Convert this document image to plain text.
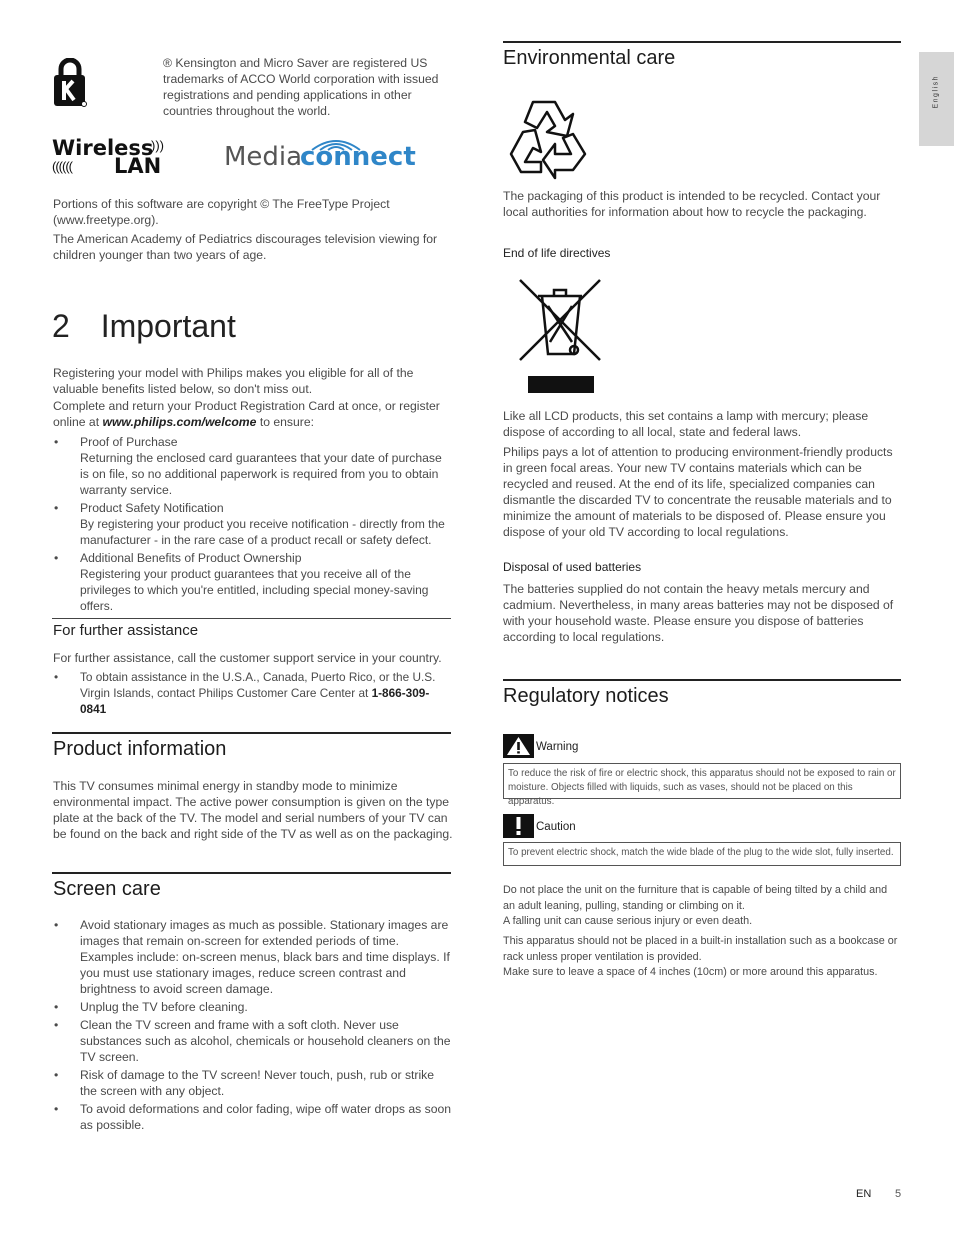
English
® Kensington and Micro Saver are registered US trademarks of ACCO World corporation with issued registrations and pending applications in other countries throughout the world.
Wireless
)))
(((((( LAN Media
connect
Portions of this software are copyright © The FreeType Project (www.freetype.org).
The American Academy of Pediatrics discourages television viewing for children younger than two years of age.
2 Important
Registering your model with Philips makes you eligible for all of the valuable benefits listed below, so don't miss out.
Complete and return your Product Registration Card at once, or register online at www.philips.com/welcome to ensure:
• Proof of Purchase
Returning the enclosed card guarantees that your date of purchase is on file, so no additional paperwork is required from you to obtain warranty service.
• Product Safety Notification
By registering your product you receive notification - directly from the manufacturer - in the rare case of a product recall or safety defect.
• Additional Benefits of Product Ownership
Registering your product guarantees that you receive all of the privileges to which you're entitled, including special money-saving offers.
For further assistance
For further assistance, call the customer support service in your country.
• To obtain assistance in the U.S.A., Canada, Puerto Rico, or the U.S. Virgin Islands, contact Philips Customer Care Center at 1-866-309-0841
Product information
This TV consumes minimal energy in standby mode to minimize environmental impact. The active power consumption is given on the type plate at the back of the TV. The model and serial numbers of your TV can be found on the back and right side of the TV as well as on the packaging.
Screen care
• Avoid stationary images as much as possible. Stationary images are images that remain on-screen for extended periods of time. Examples include: on-screen menus, black bars and time displays. If you must use stationary images, reduce screen contrast and brightness to avoid screen damage.
• Unplug the TV before cleaning.
• Clean the TV screen and frame with a soft cloth. Never use substances such as alcohol, chemicals or household cleaners on the TV screen.
• Risk of damage to the TV screen! Never touch, push, rub or strike the screen with any object.
• To avoid deformations and color fading, wipe off water drops as soon as possible.
Environmental care
The packaging of this product is intended to be recycled. Contact your local authorities for information about how to recycle the packaging.
End of life directives
Like all LCD products, this set contains a lamp with mercury; please dispose of according to all local, state and federal laws.
Philips pays a lot of attention to producing environment-friendly products in green focal areas. Your new TV contains materials which can be recycled and reused. At the end of its life, specialized companies can dismantle the discarded TV to concentrate the reusable materials and to minimize the amount of materials to be disposed of. Please ensure you dispose of your old TV according to local regulations.
Disposal of used batteries
The batteries supplied do not contain the heavy metals mercury and cadmium. Nevertheless, in many areas batteries may not be disposed of with your household waste. Please ensure you dispose of batteries according to local regulations.
Regulatory notices
Warning
To reduce the risk of fire or electric shock, this apparatus should not be exposed to rain or moisture. Objects filled with liquids, such as vases, should not be placed on this apparatus.
Caution
To prevent electric shock, match the wide blade of the plug to the wide slot, fully inserted.
Do not place the unit on the furniture that is capable of being tilted by a child and an adult leaning, pulling, standing or climbing on it.
A falling unit can cause serious injury or even death.
This apparatus should not be placed in a built-in installation such as a bookcase or rack unless proper ventilation is provided.
Make sure to leave a space of 4 inches (10cm) or more around this apparatus.
EN 5
